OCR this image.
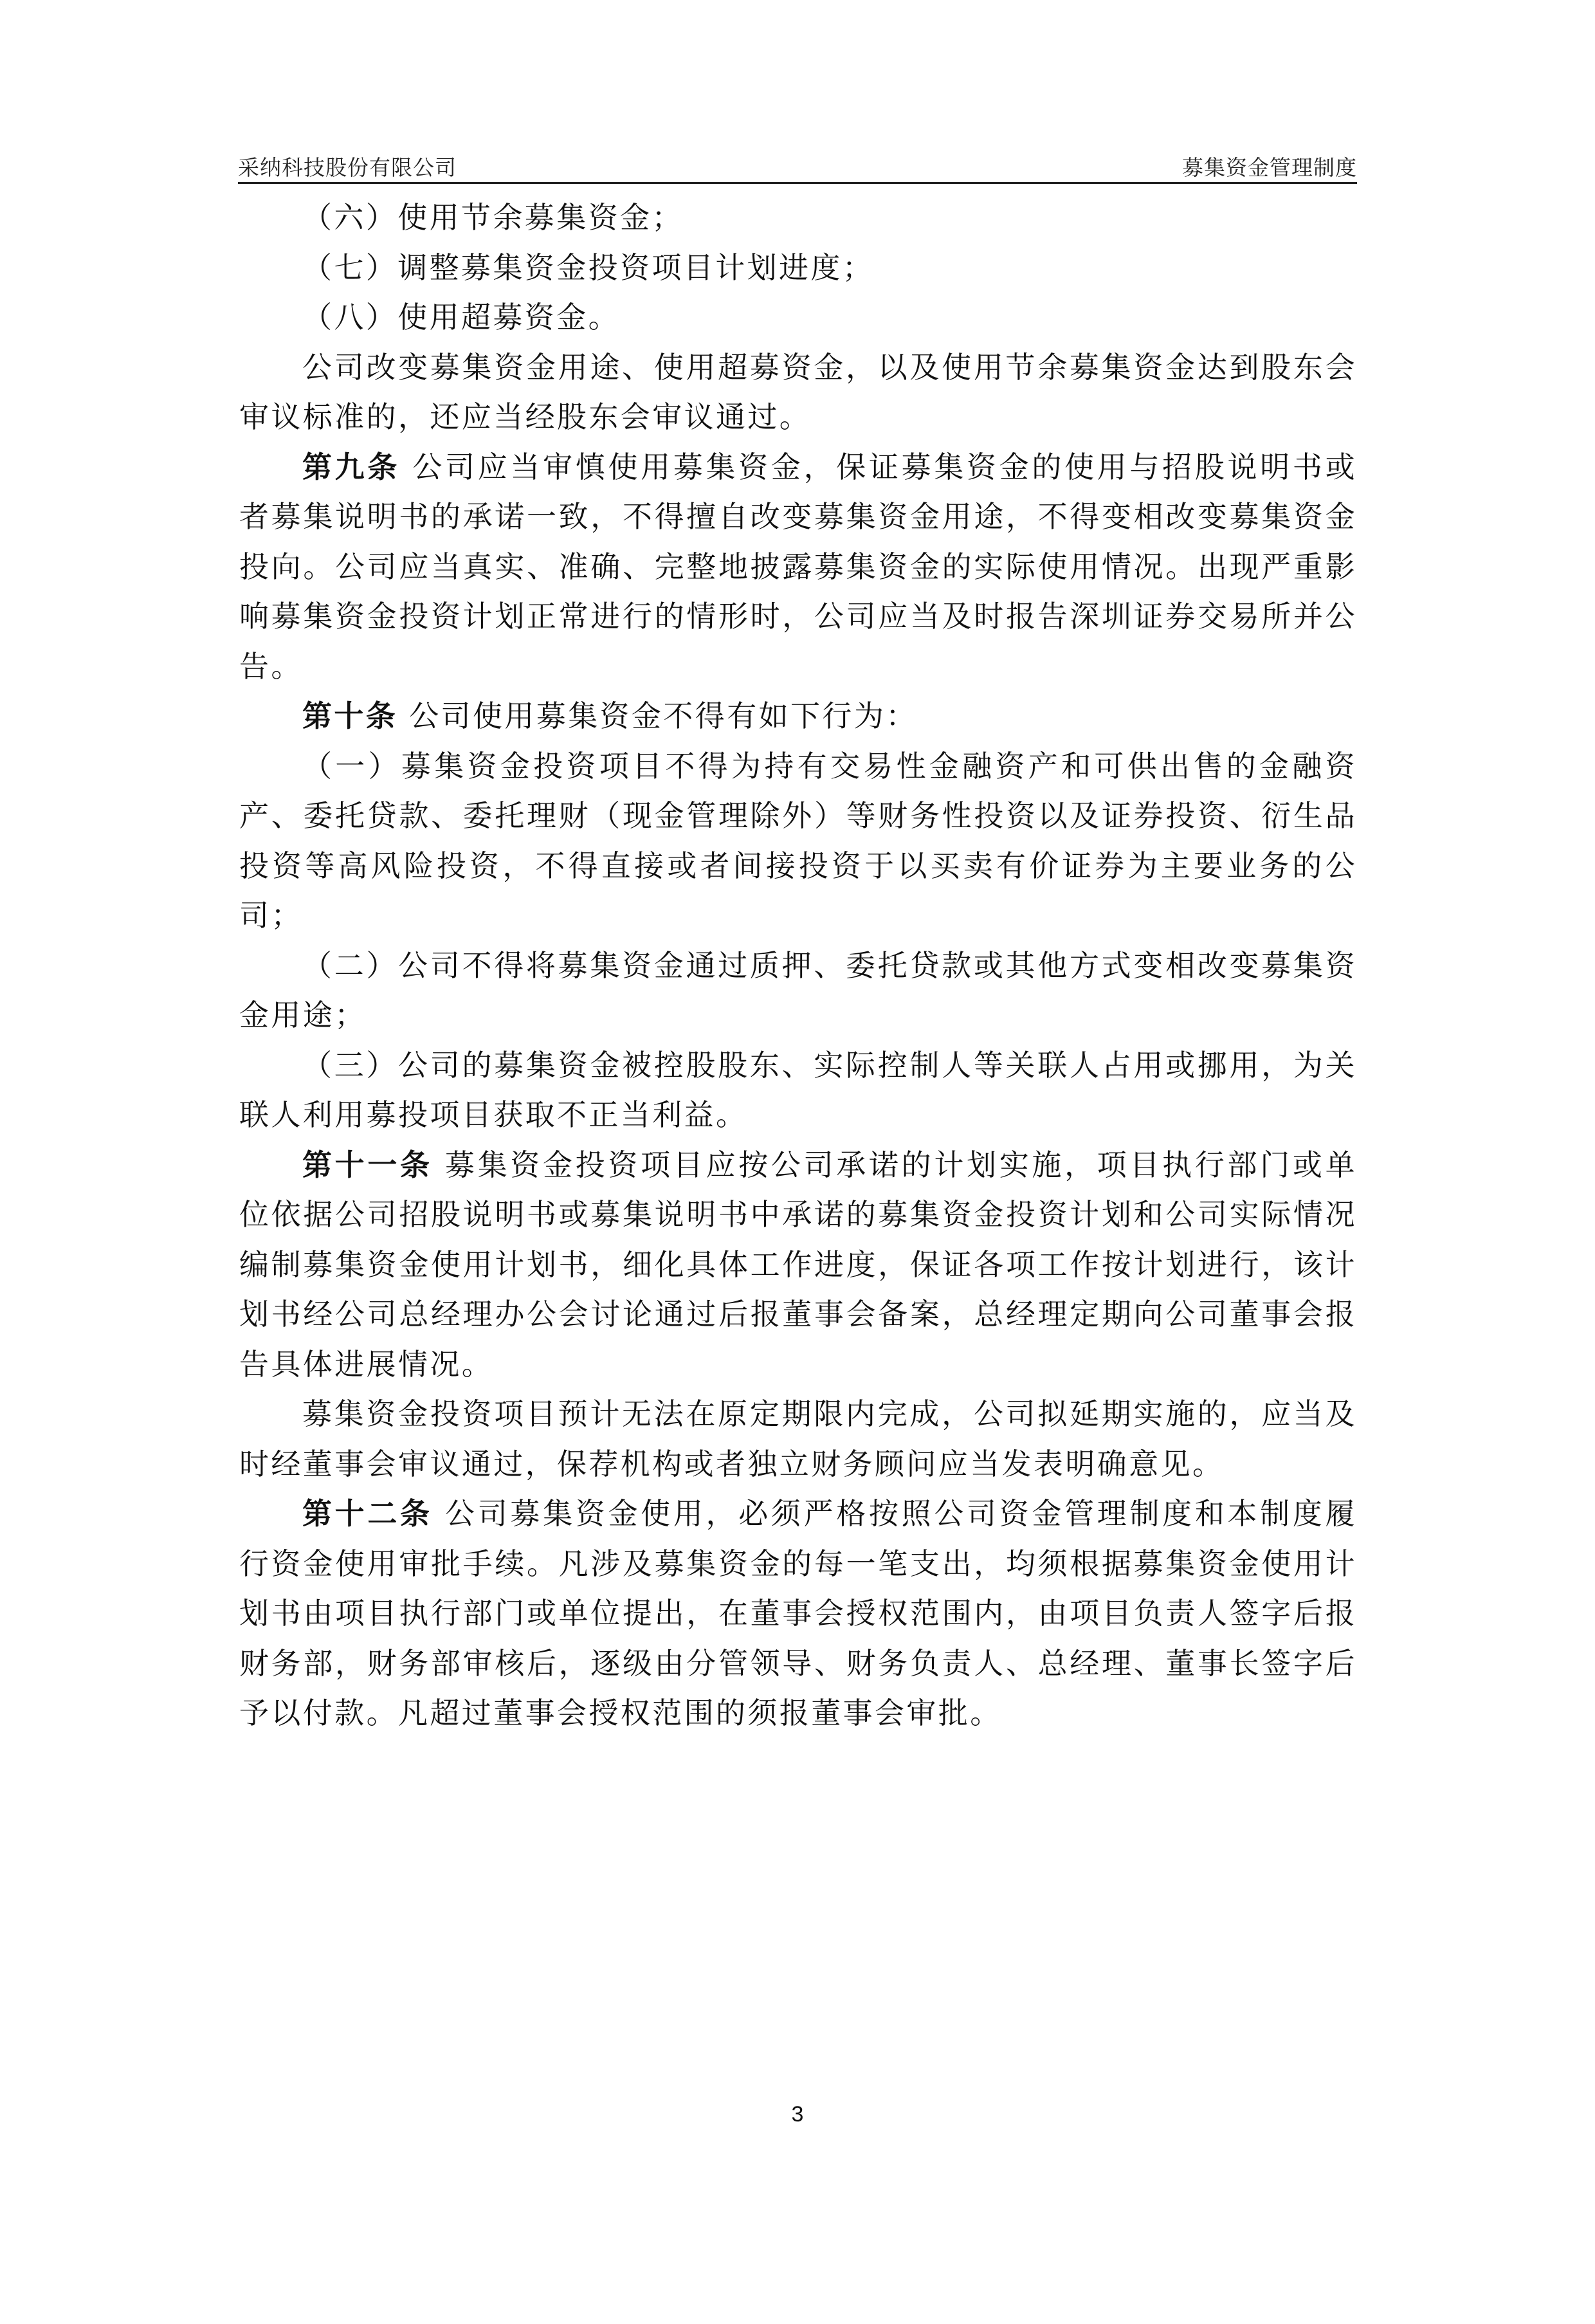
采纳科技股份有限公司	募集资金管理制度

（六）使用节余募集资金；

（七）调整募集资金投资项目计划进度；

（八）使用超募资金。

公司改变募集资金用途、使用超募资金，以及使用节余募集资金达到股东会审议标准的，还应当经股东会审议通过。

第九条 公司应当审慎使用募集资金，保证募集资金的使用与招股说明书或者募集说明书的承诺一致，不得擅自改变募集资金用途，不得变相改变募集资金投向。公司应当真实、准确、完整地披露募集资金的实际使用情况。出现严重影响募集资金投资计划正常进行的情形时，公司应当及时报告深圳证券交易所并公告。

第十条 公司使用募集资金不得有如下行为：

（一）募集资金投资项目不得为持有交易性金融资产和可供出售的金融资产、委托贷款、委托理财（现金管理除外）等财务性投资以及证券投资、衍生品投资等高风险投资，不得直接或者间接投资于以买卖有价证券为主要业务的公司；

（二）公司不得将募集资金通过质押、委托贷款或其他方式变相改变募集资金用途；

（三）公司的募集资金被控股股东、实际控制人等关联人占用或挪用，为关联人利用募投项目获取不正当利益。

第十一条 募集资金投资项目应按公司承诺的计划实施，项目执行部门或单位依据公司招股说明书或募集说明书中承诺的募集资金投资计划和公司实际情况编制募集资金使用计划书，细化具体工作进度，保证各项工作按计划进行，该计划书经公司总经理办公会讨论通过后报董事会备案，总经理定期向公司董事会报告具体进展情况。

募集资金投资项目预计无法在原定期限内完成，公司拟延期实施的，应当及时经董事会审议通过，保荐机构或者独立财务顾问应当发表明确意见。

第十二条 公司募集资金使用，必须严格按照公司资金管理制度和本制度履行资金使用审批手续。凡涉及募集资金的每一笔支出，均须根据募集资金使用计划书由项目执行部门或单位提出，在董事会授权范围内，由项目负责人签字后报财务部，财务部审核后，逐级由分管领导、财务负责人、总经理、董事长签字后予以付款。凡超过董事会授权范围的须报董事会审批。

3
